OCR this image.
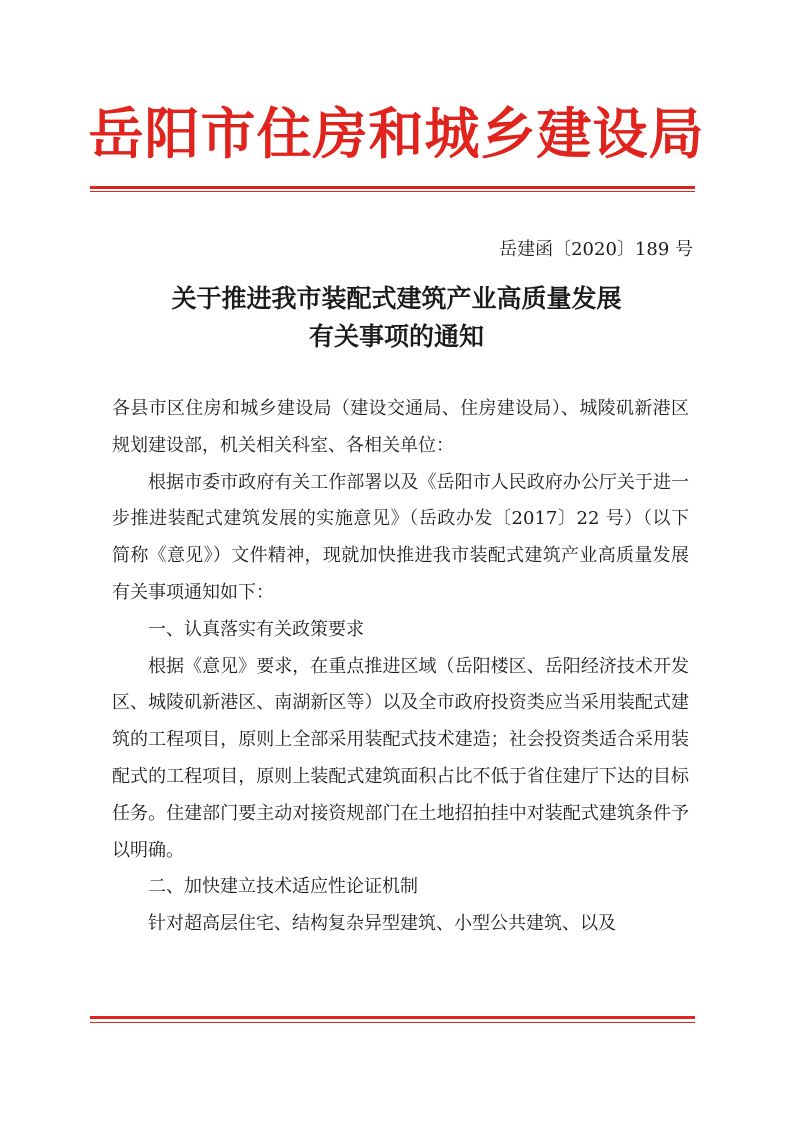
岳阳市住房和城乡建设局
岳建函〔2020〕189 号
关于推进我市装配式建筑产业高质量发展
有关事项的通知

各县市区住房和城乡建设局（建设交通局、住房建设局）、城陵矶新港区规划建设部，机关相关科室、各相关单位：

根据市委市政府有关工作部署以及《岳阳市人民政府办公厅关于进一步推进装配式建筑发展的实施意见》（岳政办发〔2017〕22 号）（以下简称《意见》）文件精神，现就加快推进我市装配式建筑产业高质量发展有关事项通知如下：

一、认真落实有关政策要求

根据《意见》要求，在重点推进区域（岳阳楼区、岳阳经济技术开发区、城陵矶新港区、南湖新区等）以及全市政府投资类应当采用装配式建筑的工程项目，原则上全部采用装配式技术建造；社会投资类适合采用装配式的工程项目，原则上装配式建筑面积占比不低于省住建厅下达的目标任务。住建部门要主动对接资规部门在土地招拍挂中对装配式建筑条件予以明确。

二、加快建立技术适应性论证机制

针对超高层住宅、结构复杂异型建筑、小型公共建筑、以及
